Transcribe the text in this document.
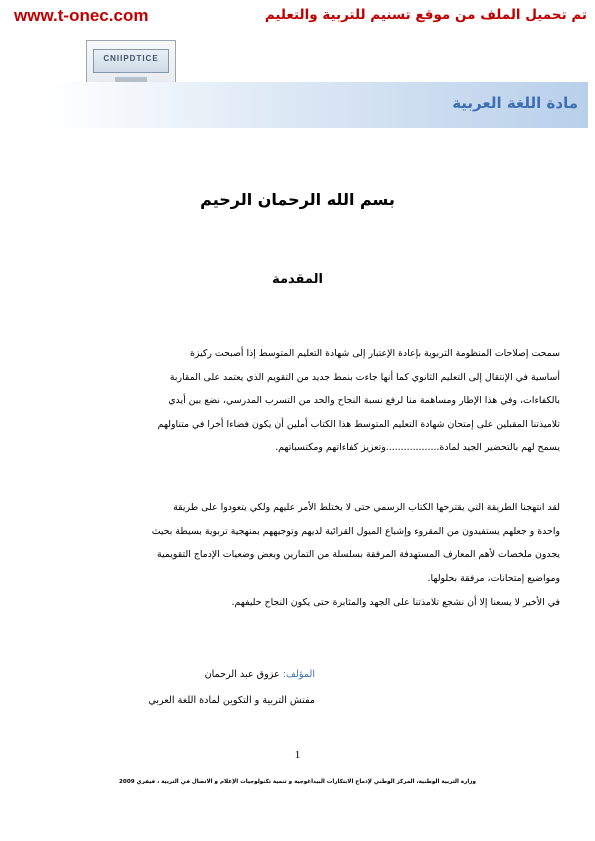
www.t-onec.com	تم تحميل الملف من موقع تسنيم للتربية والتعليم
CNIIPDTICE
مادة اللغة العربية
بسم الله الرحمان الرحيم
المقدمة
سمحت إصلاحات المنظومة التربوية بإعادة الإعتبار إلى شهادة التعليم المتوسط إذا أصبحت ركيزة
أساسية في الإنتقال إلى التعليم الثانوي كما أنها جاءت بنمط جديد من التقويم الذي يعتمد على المقاربة
بالكفاءات، وفي هذا الإطار ومساهمة منا لرفع نسبة النجاح والحد من التسرب المدرسي، نضع بين أيدي
تلاميذتنا المقبلين على إمتحان شهادة التعليم المتوسط هذا الكتاب أملين أن يكون فضاءا أخرا في متناولهم
يسمح لهم بالتحضير الجيد لمادة..................وتعزيز كفاءاتهم ومكتسباتهم.
لقد انتهجنا الطريقة التي يقترحها الكتاب الرسمي حتى لا يختلط الأمر عليهم ولكي يتعودوا على طريقة
واحدة و جعلهم يستفيدون من المقروء وإشباع الميول القرائية لديهم وتوجيههم بمنهجية تربوية بسيطة بحيث
يجدون ملخصات لأهم المعارف المستهدفة المرفقة بسلسلة من التمارين وبعض وضعيات الإدماج التقويمية
ومواضيع إمتحانات، مرفقة بحلولها.
في الأخير لا يسعنا إلا أن نشجع تلامذتنا على الجهد والمثابرة حتى يكون النجاح حليفهم.
المؤلف: عزوق عبد الرحمان
مفتش التربية و التكوين لمادة اللغة العربي
1
وزارة التربية الوطنية، المركز الوطني لإدماج الابتكارات البيداغوجية و تنمية تكنولوجيات الإعلام و الاتصال في التربية ، فيفري 2009
